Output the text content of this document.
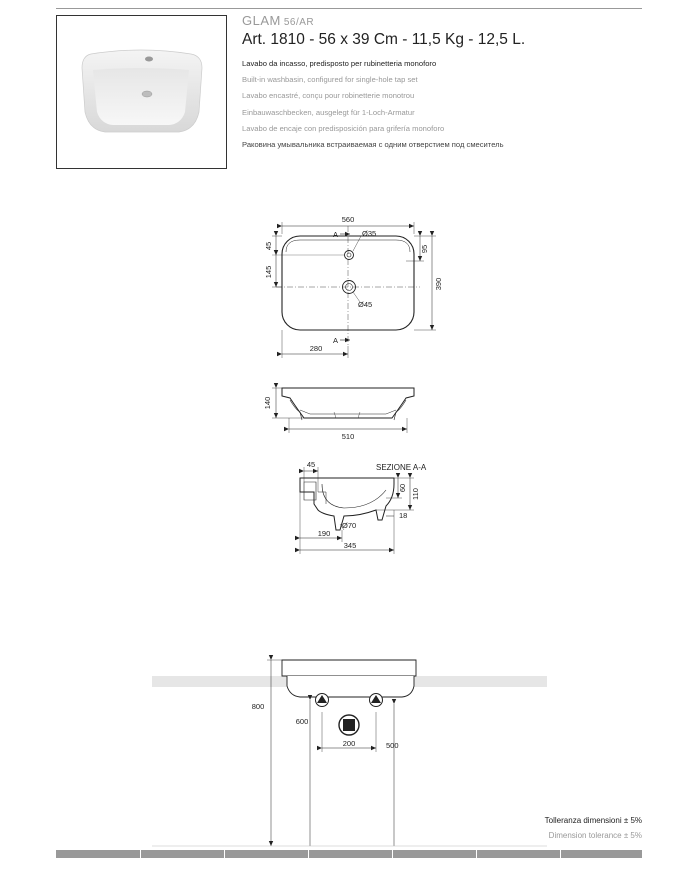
GLAM 56/AR
Art. 1810 - 56 x 39 Cm - 11,5 Kg - 12,5 L.
Lavabo da incasso, predisposto per rubinetteria monoforo
Built-in washbasin, configured for single-hole tap set
Lavabo encastré, conçu pour robinetterie monotrou
Einbauwaschbecken, ausgelegt für 1-Loch-Armatur
Lavabo de encaje con predisposición para grifería monoforo
Раковина умывальника встраиваемая с одним отверстием под смеситель
560
A
A
Ø35
Ø45
45
145
95
390
280
140
510
SEZIONE A-A
45
60
110
18
Ø70
190
345
800
600
200	500
Tolleranza dimensioni ± 5%
Dimension tolerance ± 5%
